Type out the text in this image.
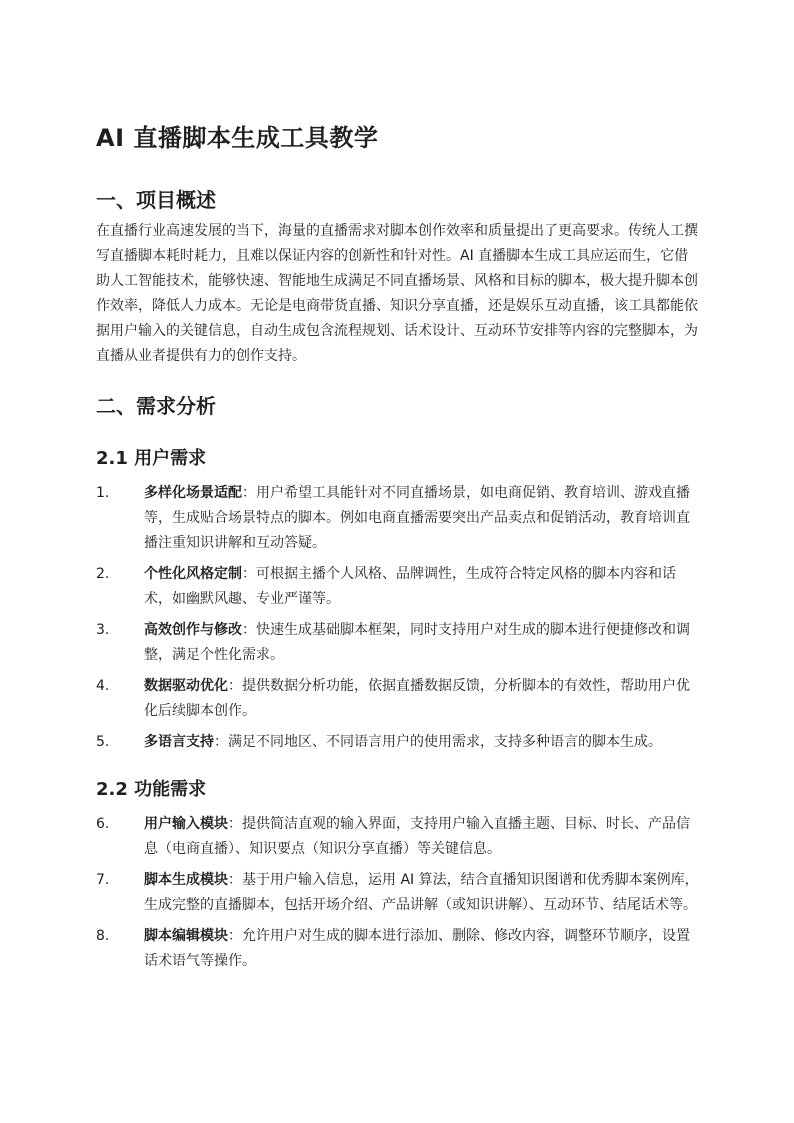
AI 直播脚本生成工具教学
一、项目概述

在直播行业高速发展的当下，海量的直播需求对脚本创作效率和质量提出了更高要求。传统人工撰写直播脚本耗时耗力，且难以保证内容的创新性和针对性。AI 直播脚本生成工具应运而生，它借助人工智能技术，能够快速、智能地生成满足不同直播场景、风格和目标的脚本，极大提升脚本创作效率，降低人力成本。无论是电商带货直播、知识分享直播，还是娱乐互动直播，该工具都能依据用户输入的关键信息，自动生成包含流程规划、话术设计、互动环节安排等内容的完整脚本，为直播从业者提供有力的创作支持。

二、需求分析
2.1 用户需求
1. 多样化场景适配：用户希望工具能针对不同直播场景，如电商促销、教育培训、游戏直播等，生成贴合场景特点的脚本。例如电商直播需要突出产品卖点和促销活动，教育培训直播注重知识讲解和互动答疑。
2. 个性化风格定制：可根据主播个人风格、品牌调性，生成符合特定风格的脚本内容和话术，如幽默风趣、专业严谨等。
3. 高效创作与修改：快速生成基础脚本框架，同时支持用户对生成的脚本进行便捷修改和调整，满足个性化需求。
4. 数据驱动优化：提供数据分析功能，依据直播数据反馈，分析脚本的有效性，帮助用户优化后续脚本创作。
5. 多语言支持：满足不同地区、不同语言用户的使用需求，支持多种语言的脚本生成。
2.2 功能需求
6. 用户输入模块：提供简洁直观的输入界面，支持用户输入直播主题、目标、时长、产品信息（电商直播）、知识要点（知识分享直播）等关键信息。
7. 脚本生成模块：基于用户输入信息，运用 AI 算法，结合直播知识图谱和优秀脚本案例库，生成完整的直播脚本，包括开场介绍、产品讲解（或知识讲解）、互动环节、结尾话术等。
8. 脚本编辑模块：允许用户对生成的脚本进行添加、删除、修改内容，调整环节顺序，设置话术语气等操作。
